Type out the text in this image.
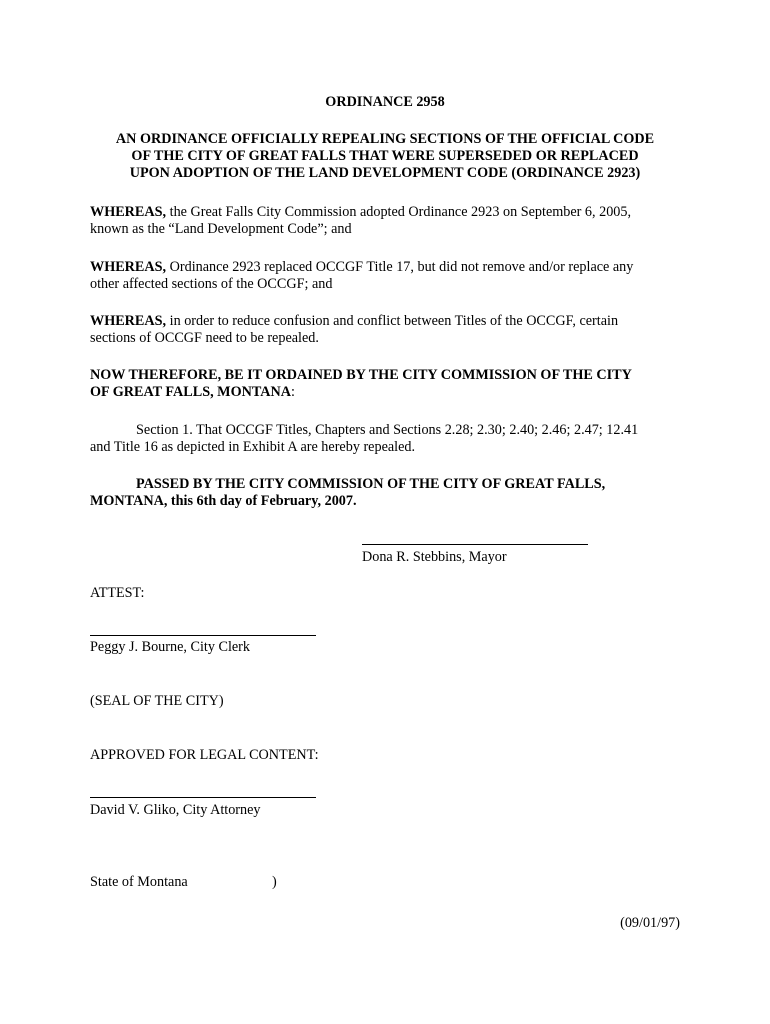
ORDINANCE 2958
AN ORDINANCE OFFICIALLY REPEALING SECTIONS OF THE OFFICIAL CODE
OF THE CITY OF GREAT FALLS THAT WERE SUPERSEDED OR REPLACED
UPON ADOPTION OF THE LAND DEVELOPMENT CODE (ORDINANCE 2923)
WHEREAS, the Great Falls City Commission adopted Ordinance 2923 on September 6, 2005,
known as the “Land Development Code”; and
WHEREAS, Ordinance 2923 replaced OCCGF Title 17, but did not remove and/or replace any
other affected sections of the OCCGF; and
WHEREAS, in order to reduce confusion and conflict between Titles of the OCCGF, certain
sections of OCCGF need to be repealed.
NOW THEREFORE, BE IT ORDAINED BY THE CITY COMMISSION OF THE CITY
OF GREAT FALLS, MONTANA:
Section 1. That OCCGF Titles, Chapters and Sections 2.28; 2.30; 2.40; 2.46; 2.47; 12.41
and Title 16 as depicted in Exhibit A are hereby repealed.
PASSED BY THE CITY COMMISSION OF THE CITY OF GREAT FALLS,
MONTANA, this 6th day of February, 2007.
Dona R. Stebbins, Mayor
ATTEST:
Peggy J. Bourne, City Clerk
(SEAL OF THE CITY)
APPROVED FOR LEGAL CONTENT:
David V. Gliko, City Attorney
State of Montana	)
(09/01/97)
